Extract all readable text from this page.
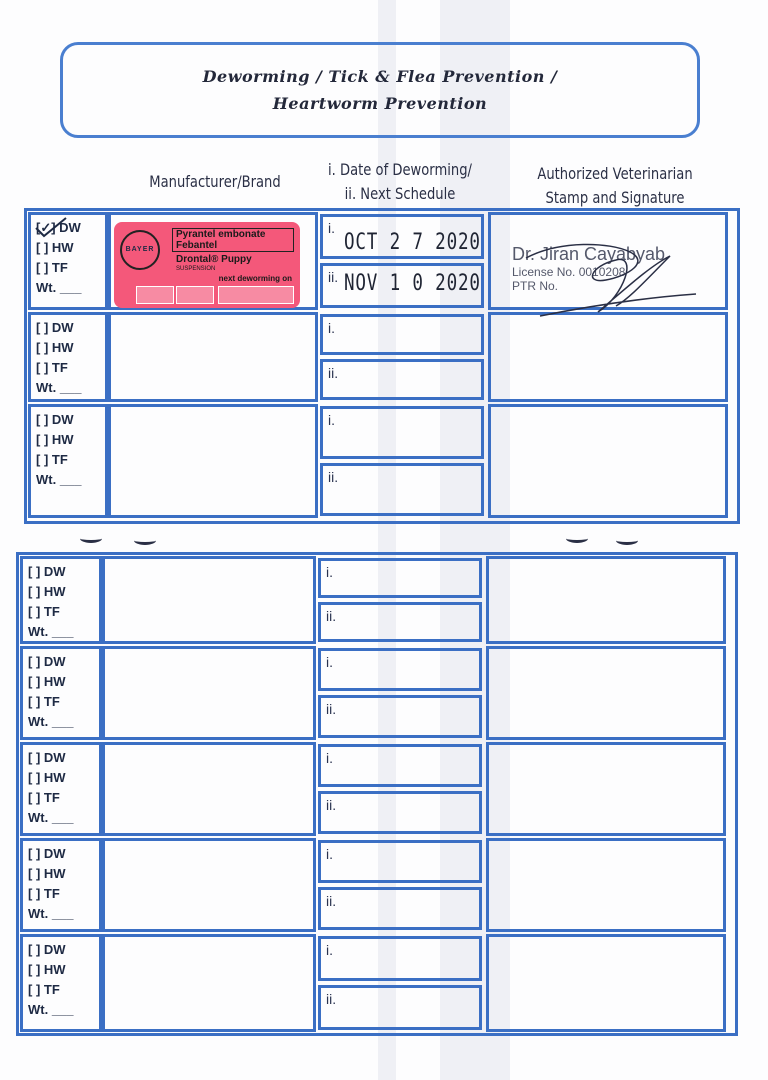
Deworming / Tick & Flea Prevention /
Heartworm Prevention
Manufacturer/Brand
i. Date of Deworming/
ii. Next Schedule
Authorized Veterinarian
Stamp and Signature
[✓] DW
[ ] HW
[ ] TF
Wt. ___
i.
ii.
OCT 2 7 2020
NOV 1 0 2020
[ ] DW
[ ] HW
[ ] TF
Wt. ___
i.
ii.
[ ] DW
[ ] HW
[ ] TF
Wt. ___
i.
ii.
[ ] DW
[ ] HW
[ ] TF
Wt. ___
i.
ii.
[ ] DW
[ ] HW
[ ] TF
Wt. ___
i.
ii.
[ ] DW
[ ] HW
[ ] TF
Wt. ___
i.
ii.
[ ] DW
[ ] HW
[ ] TF
Wt. ___
i.
ii.
[ ] DW
[ ] HW
[ ] TF
Wt. ___
i.
ii.
BAYER
Pyrantel embonate
Febantel
Drontal® Puppy
SUSPENSION
next deworming on
Dr. Jiran Cayabyab
License No. 0010208
PTR No.
